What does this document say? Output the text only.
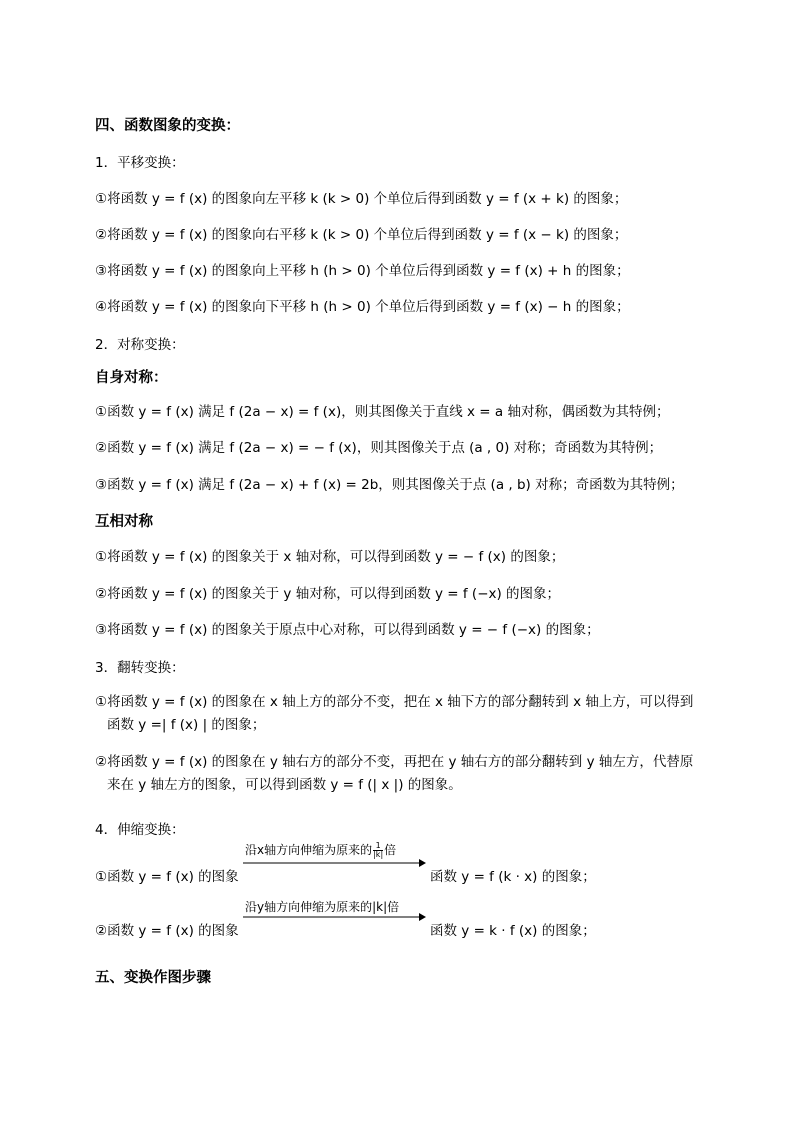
四、函数图象的变换：
1．平移变换：
①将函数 y = f (x) 的图象向左平移 k (k > 0) 个单位后得到函数 y = f (x + k) 的图象；
②将函数 y = f (x) 的图象向右平移 k (k > 0) 个单位后得到函数 y = f (x − k) 的图象；
③将函数 y = f (x) 的图象向上平移 h (h > 0) 个单位后得到函数 y = f (x) + h 的图象；
④将函数 y = f (x) 的图象向下平移 h (h > 0) 个单位后得到函数 y = f (x) − h 的图象；
2．对称变换：
自身对称：
①函数 y = f (x) 满足 f (2a − x) = f (x)，则其图像关于直线 x = a 轴对称，偶函数为其特例；
②函数 y = f (x) 满足 f (2a − x) = − f (x)，则其图像关于点 (a , 0) 对称；奇函数为其特例；
③函数 y = f (x) 满足 f (2a − x) + f (x) = 2b，则其图像关于点 (a , b) 对称；奇函数为其特例；
互相对称
①将函数 y = f (x) 的图象关于 x 轴对称，可以得到函数 y = − f (x) 的图象；
②将函数 y = f (x) 的图象关于 y 轴对称，可以得到函数 y = f (−x) 的图象；
③将函数 y = f (x) 的图象关于原点中心对称，可以得到函数 y = − f (−x) 的图象；
3．翻转变换：
①将函数 y = f (x) 的图象在 x 轴上方的部分不变，把在 x 轴下方的部分翻转到 x 轴上方，可以得到
函数 y =| f (x) | 的图象；
②将函数 y = f (x) 的图象在 y 轴右方的部分不变，再把在 y 轴右方的部分翻转到 y 轴左方，代替原
来在 y 轴左方的图象，可以得到函数 y = f (| x |) 的图象。
4．伸缩变换：
沿x轴方向伸缩为原来的 $\frac{1}{|k|}$ 倍
①函数 y = f (x) 的图象	函数 y = f (k · x) 的图象；
沿y轴方向伸缩为原来的|k|倍
②函数 y = f (x) 的图象	函数 y = k · f (x) 的图象；
五、变换作图步骤
